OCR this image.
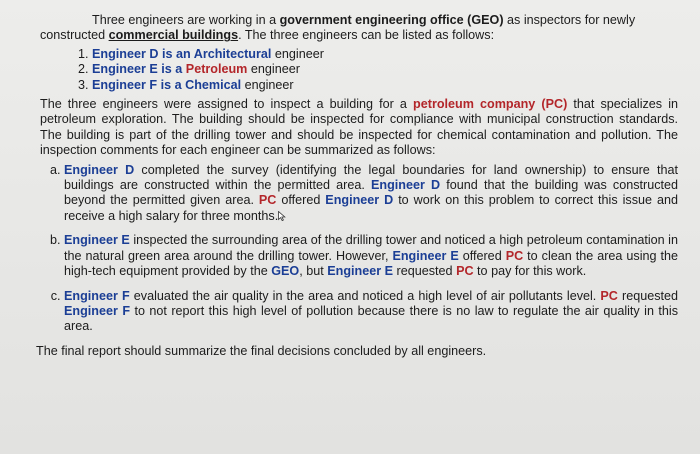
Three engineers are working in a government engineering office (GEO) as inspectors for newly constructed commercial buildings. The three engineers can be listed as follows:

1. Engineer D is an Architectural engineer
2. Engineer E is a Petroleum engineer
3. Engineer F is a Chemical engineer

The three engineers were assigned to inspect a building for a petroleum company (PC) that specializes in petroleum exploration. The building should be inspected for compliance with municipal construction standards. The building is part of the drilling tower and should be inspected for chemical contamination and pollution. The inspection comments for each engineer can be summarized as follows:

a. Engineer D completed the survey (identifying the legal boundaries for land ownership) to ensure that buildings are constructed within the permitted area. Engineer D found that the building was constructed beyond the permitted given area. PC offered Engineer D to work on this problem to correct this issue and receive a high salary for three months.
b. Engineer E inspected the surrounding area of the drilling tower and noticed a high petroleum contamination in the natural green area around the drilling tower. However, Engineer E offered PC to clean the area using the high-tech equipment provided by the GEO, but Engineer E requested PC to pay for this work.
c. Engineer F evaluated the air quality in the area and noticed a high level of air pollutants level. PC requested Engineer F to not report this high level of pollution because there is no law to regulate the air quality in this area.

The final report should summarize the final decisions concluded by all engineers.
